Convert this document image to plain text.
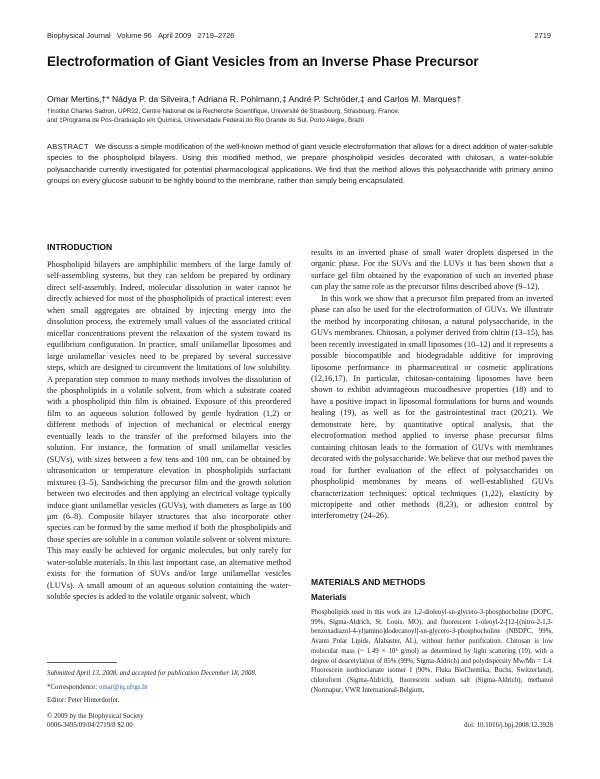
Biophysical Journal Volume 96 April 2009 2719–2726	2719
Electroformation of Giant Vesicles from an Inverse Phase Precursor
Omar Mertins,†* Nádya P. da Silveira,† Adriana R. Pohlmann,‡ André P. Schröder,‡ and Carlos M. Marques†
†Institut Charles Sadron, UPR22, Centre National de la Recherche Scientifique, Université de Strasbourg, Strasbourg, France;
and ‡Programa de Pos-Graduação em Química, Universidade Federal do Rio Grande do Sul, Porto Alegre, Brazil
ABSTRACT We discuss a simple modification of the well-known method of giant vesicle electroformation that allows for a direct addition of water-soluble species to the phospholipid bilayers. Using this modified method, we prepare phospholipid vesicles decorated with chitosan, a water-soluble polysaccharide currently investigated for potential pharmacological applications. We find that the method allows this polysaccharide with primary amino groups on every glucose subunit to be tightly bound to the membrane, rather than simply being encapsulated.
INTRODUCTION

Phospholipid bilayers are amphiphilic members of the large family of self-assembling systems, but they can seldom be prepared by ordinary direct self-assembly. Indeed, molecular dissolution in water cannot be directly achieved for most of the phospholipids of practical interest: even when small aggregates are obtained by injecting energy into the dissolution process, the extremely small values of the associated critical micellar concentrations prevent the relaxation of the system toward its equilibrium configuration. In practice, small unilamellar liposomes and large unilamellar vesicles need to be prepared by several successive steps, which are designed to circumvent the limitations of low solubility. A preparation step common to many methods involves the dissolution of the phospholipids in a volatile solvent, from which a substrate coated with a phospholipid thin film is obtained. Exposure of this preordered film to an aqueous solution followed by gentle hydration (1,2) or different methods of injection of mechanical or electrical energy eventually leads to the transfer of the preformed bilayers into the solution. For instance, the formation of small unilamellar vesicles (SUVs), with sizes between a few tens and 100 nm, can be obtained by ultrasonication or temperature elevation in phospholipids surfactant mixtures (3–5). Sandwiching the precursor film and the growth solution between two electrodes and then applying an electrical voltage typically induce giant unilamellar vesicles (GUVs), with diameters as large as 100 μm (6–8). Composite bilayer structures that also incorporate other species can be formed by the same method if both the phospholipids and those species are soluble in a common volatile solvent or solvent mixture. This may easily be achieved for organic molecules, but only rarely for water-soluble materials. In this last important case, an alternative method exists for the formation of SUVs and/or large unilamellar vesicles (LUVs). A small amount of an aqueous solution containing the water-soluble species is added to the volatile organic solvent, which

Submitted April 13, 2008, and accepted for publication December 18, 2008.
*Correspondence: omar@iq.ufrgs.br
Editor: Peter Hinterdorfer.
© 2009 by the Biophysical Society
0006-3495/09/04/2719/8 $2.00	doi: 10.1016/j.bpj.2008.12.3928

results in an inverted phase of small water droplets dispersed in the organic phase. For the SUVs and the LUVs it has been shown that a surface gel film obtained by the evaporation of such an inverted phase can play the same role as the precursor films described above (9–12).

In this work we show that a precursor film prepared from an inverted phase can also be used for the electroformation of GUVs. We illustrate the method by incorporating chitosan, a natural polysaccharide, in the GUVs membranes. Chitosan, a polymer derived from chitin (13–15), has been recently investigated in small liposomes (10–12) and it represents a possible biocompatible and biodegradable additive for improving liposome performance in pharmaceutical or cosmetic applications (12,16,17). In particular, chitosan-containing liposomes have been shown to exhibit advantageous mucoadhesive properties (18) and to have a positive impact in liposomal formulations for burns and wounds healing (19), as well as for the gastrointestinal tract (20,21). We demonstrate here, by quantitative optical analysis, that the electroformation method applied to inverse phase precursor films containing chitosan leads to the formation of GUVs with membranes decorated with the polysaccharide. We believe that our method paves the road for further evaluation of the effect of polysaccharides on phospholipid membranes by means of well-established GUVs characterization techniques: optical techniques (1,22), elasticity by micropipette and other methods (8,23), or adhesion control by interferometry (24–26).

MATERIALS AND METHODS
Materials
Phospholipids used in this work are 1,2-dioleoyl-sn-glycero-3-phosphocholine (DOPC, 99%, Sigma-Aldrich, St. Louis, MO), and fluorescent 1-oleoyl-2-[12-[(nitro-2-1,3-benzoxadiazol-4-yl)amino]dodecanoyl]-sn-glycero-3-phosphocholine (NBDPC, 99%, Avanti Polar Lipids, Alabaster, AL), without further purification. Chitosan is low molecular mass (~ 1.49 × 10⁵ g/mol) as determined by light scattering (10), with a degree of deacetylation of 85% (99%, Sigma-Aldrich) and polydispersity Mw/Mn = 1.4. Fluorescein isothiocianate isomer I (90%, Fluka BioChemika, Buchs, Switzerland), chloroform (Sigma-Aldrich), fluorescein sodium salt (Sigma-Aldrich), methanol (Normapur; VWR International-Belgium,
